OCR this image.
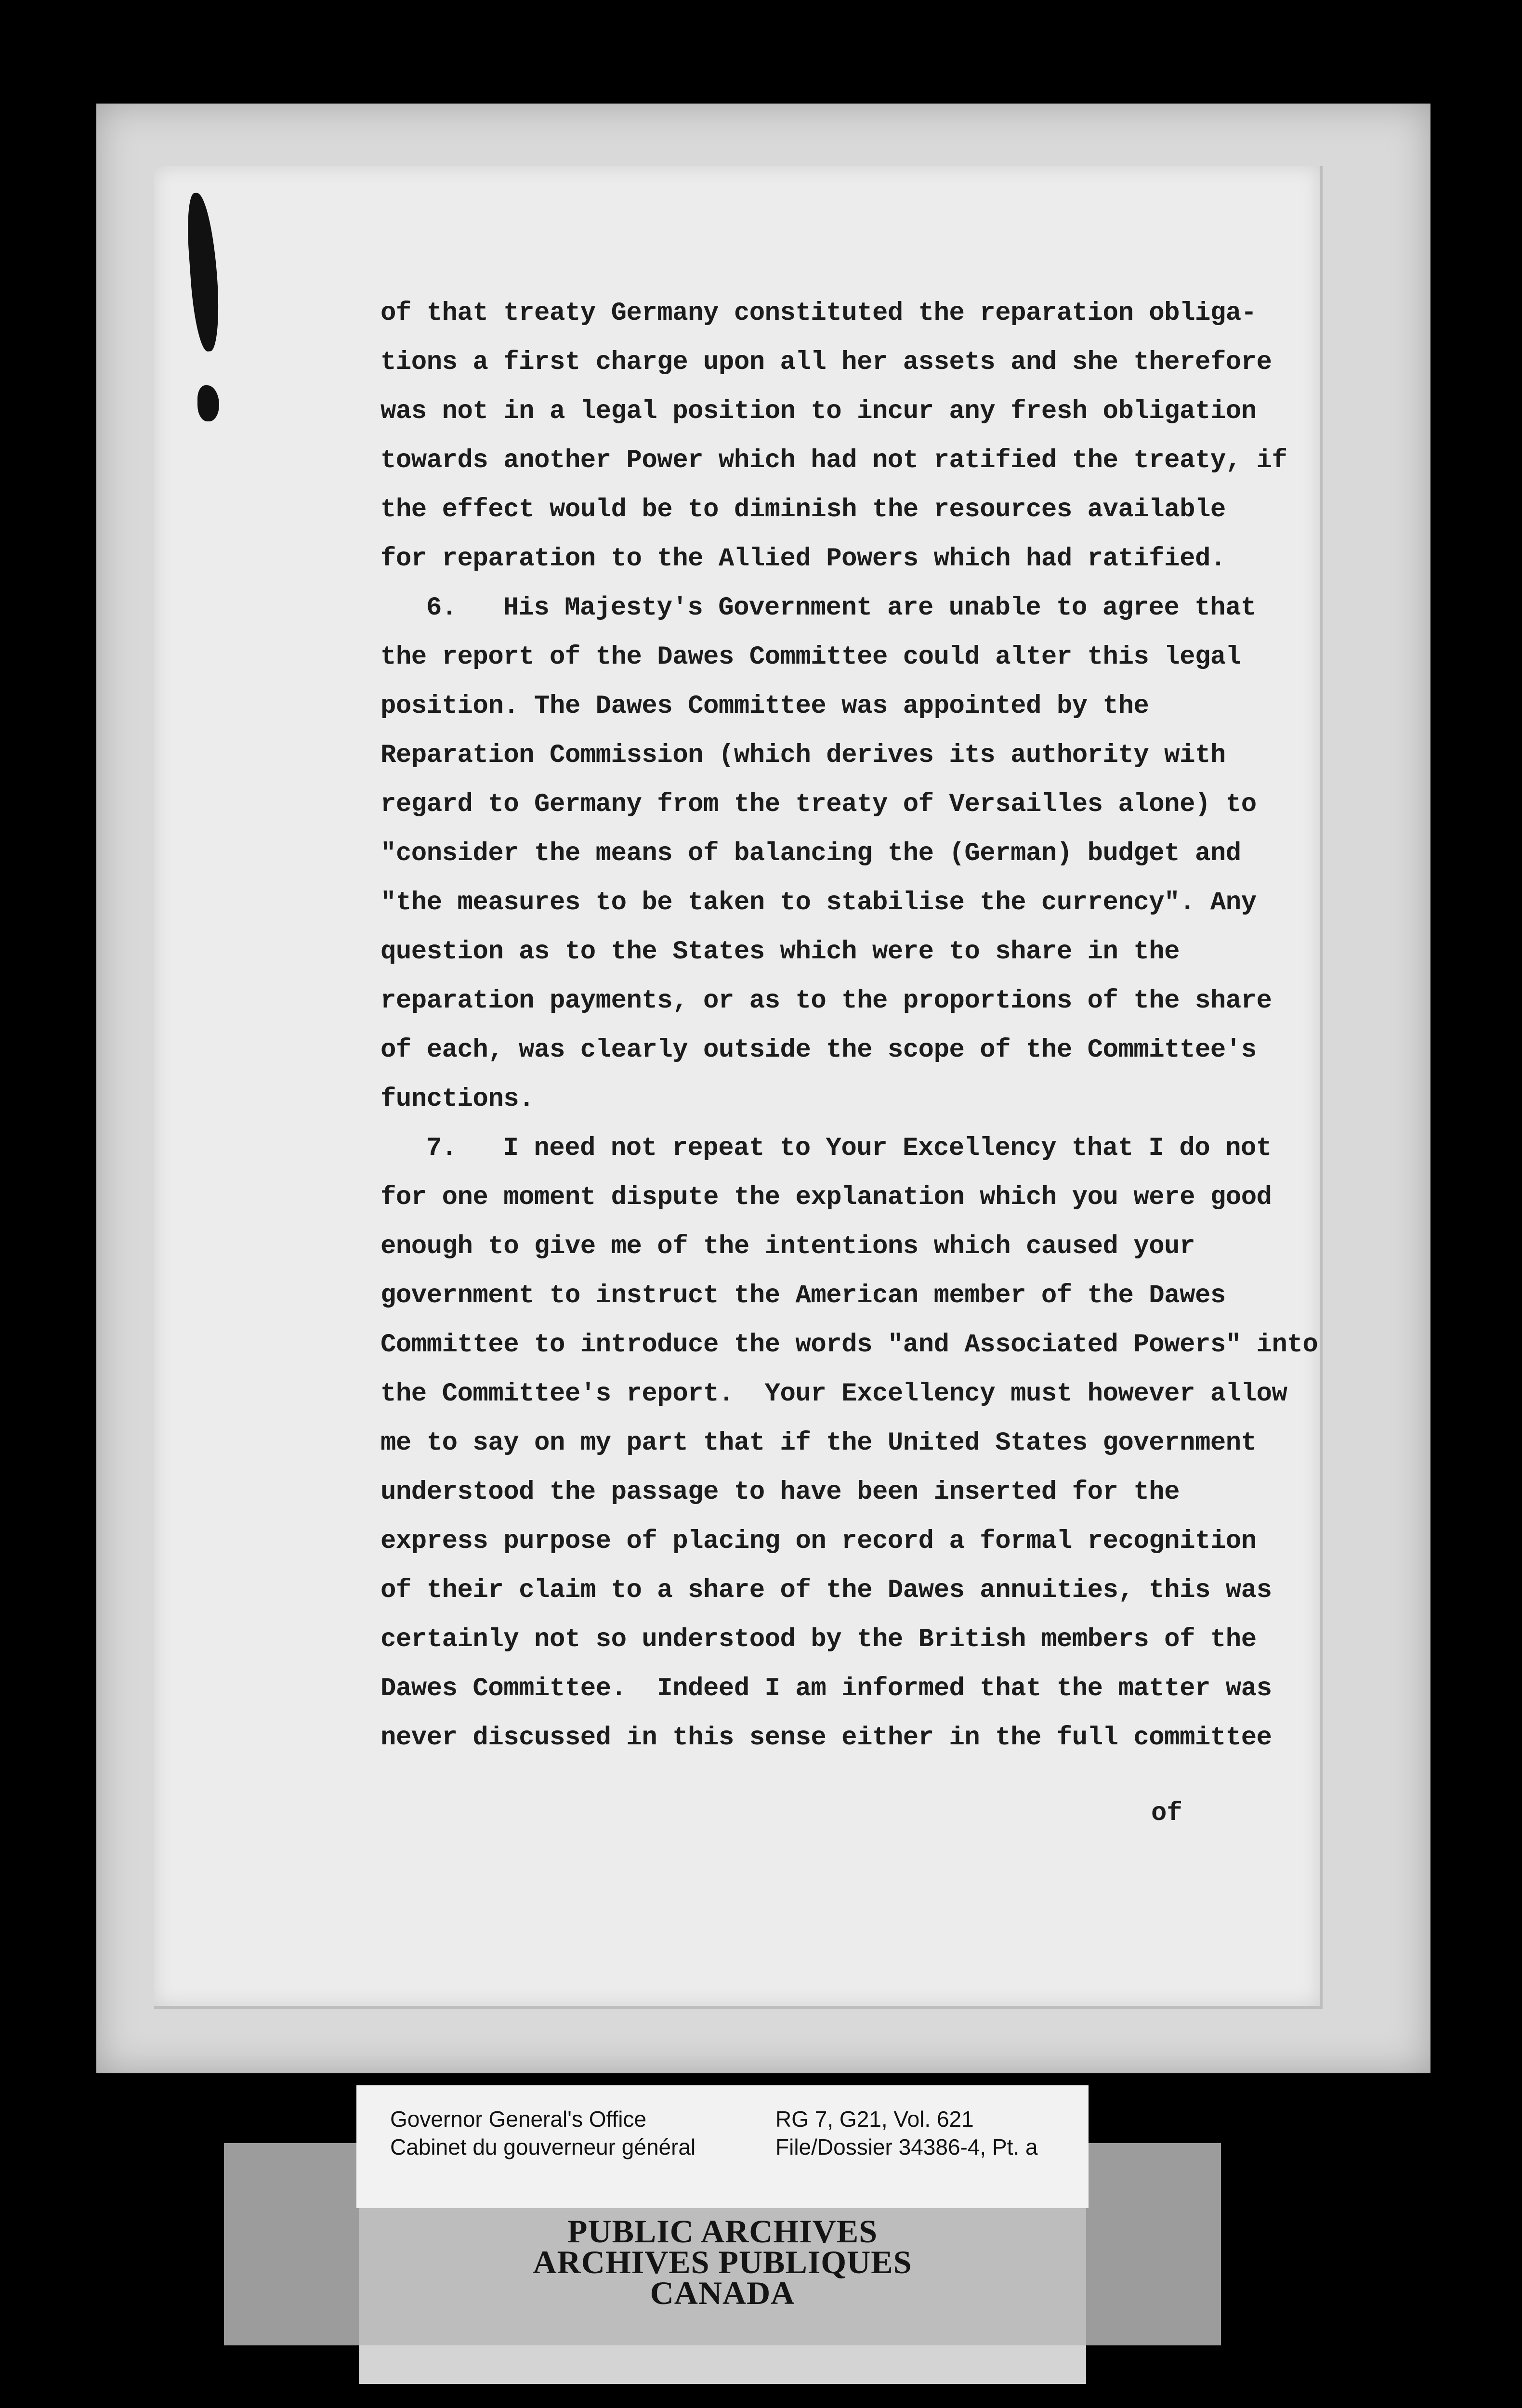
of that treaty Germany constituted the reparation obliga-
tions a first charge upon all her assets and she therefore
was not in a legal position to incur any fresh obligation
towards another Power which had not ratified the treaty, if
the effect would be to diminish the resources available
for reparation to the Allied Powers which had ratified.
6.   His Majesty's Government are unable to agree that
the report of the Dawes Committee could alter this legal
position. The Dawes Committee was appointed by the
Reparation Commission (which derives its authority with
regard to Germany from the treaty of Versailles alone) to
"consider the means of balancing the (German) budget and
"the measures to be taken to stabilise the currency". Any
question as to the States which were to share in the
reparation payments, or as to the proportions of the share
of each, was clearly outside the scope of the Committee's
functions.
7.   I need not repeat to Your Excellency that I do not
for one moment dispute the explanation which you were good
enough to give me of the intentions which caused your
government to instruct the American member of the Dawes
Committee to introduce the words "and Associated Powers" into
the Committee's report.  Your Excellency must however allow
me to say on my part that if the United States government
understood the passage to have been inserted for the
express purpose of placing on record a formal recognition
of their claim to a share of the Dawes annuities, this was
certainly not so understood by the British members of the
Dawes Committee.  Indeed I am informed that the matter was
never discussed in this sense either in the full committee
of
Governor General's Office
Cabinet du gouverneur général
RG 7, G21, Vol. 621
File/Dossier 34386-4, Pt. a
PUBLIC ARCHIVES
ARCHIVES PUBLIQUES
CANADA
